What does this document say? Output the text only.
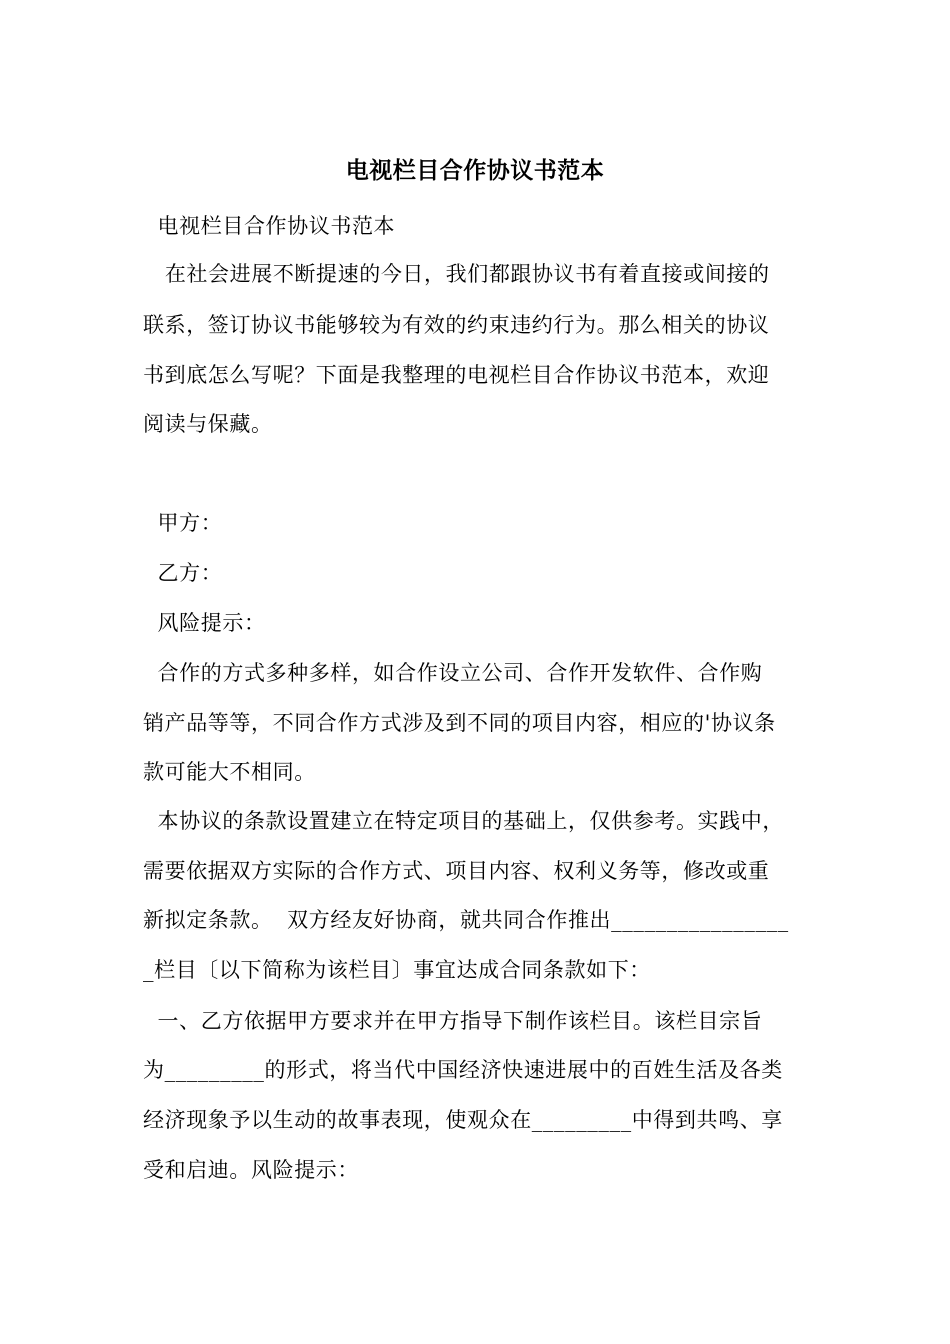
电视栏目合作协议书范本
电视栏目合作协议书范本
在社会进展不断提速的今日，我们都跟协议书有着直接或间接的
联系，签订协议书能够较为有效的约束违约行为。那么相关的协议
书到底怎么写呢？下面是我整理的电视栏目合作协议书范本，欢迎
阅读与保藏。
甲方：
乙方：
风险提示：
合作的方式多种多样，如合作设立公司、合作开发软件、合作购
销产品等等，不同合作方式涉及到不同的项目内容，相应的'协议条
款可能大不相同。
本协议的条款设置建立在特定项目的基础上，仅供参考。实践中，
需要依据双方实际的合作方式、项目内容、权利义务等，修改或重
新拟定条款。  双方经友好协商，就共同合作推出________________
_栏目〔以下简称为该栏目〕事宜达成合同条款如下：
一、乙方依据甲方要求并在甲方指导下制作该栏目。该栏目宗旨
为_________的形式，将当代中国经济快速进展中的百姓生活及各类
经济现象予以生动的故事表现，使观众在_________中得到共鸣、享
受和启迪。风险提示：
